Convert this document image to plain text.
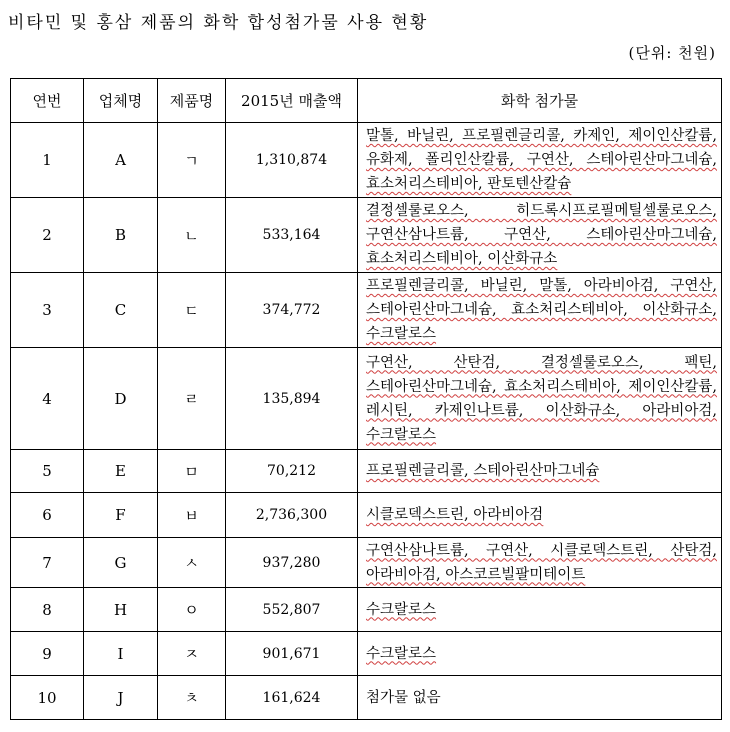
비타민 및 홍삼 제품의 화학 합성첨가물 사용 현황
(단위: 천원)
연번	업체명	제품명	2015년 매출액	화학 첨가물
1	A	ㄱ	1,310,874	말톨, 바닐린, 프로필렌글리콜, 카제인, 제이인산칼륨, 유화제, 폴리인산칼륨, 구연산, 스테아린산마그네슘, 효소처리스테비아, 판토텐산칼슘
2	B	ㄴ	533,164	결정셀룰로오스, 히드록시프로필메틸셀룰로오스, 구연산삼나트륨, 구연산, 스테아린산마그네슘, 효소처리스테비아, 이산화규소
3	C	ㄷ	374,772	프로필렌글리콜, 바닐린, 말톨, 아라비아검, 구연산, 스테아린산마그네슘, 효소처리스테비아, 이산화규소, 수크랄로스
4	D	ㄹ	135,894	구연산, 산탄검, 결정셀룰로오스, 펙틴, 스테아린산마그네슘, 효소처리스테비아, 제이인산칼륨, 레시틴, 카제인나트륨, 이산화규소, 아라비아검, 수크랄로스
5	E	ㅁ	70,212	프로필렌글리콜, 스테아린산마그네슘
6	F	ㅂ	2,736,300	시클로덱스트린, 아라비아검
7	G	ㅅ	937,280	구연산삼나트륨, 구연산, 시클로덱스트린, 산탄검, 아라비아검, 아스코르빌팔미테이트
8	H	ㅇ	552,807	수크랄로스
9	I	ㅈ	901,671	수크랄로스
10	J	ㅊ	161,624	첨가물 없음
